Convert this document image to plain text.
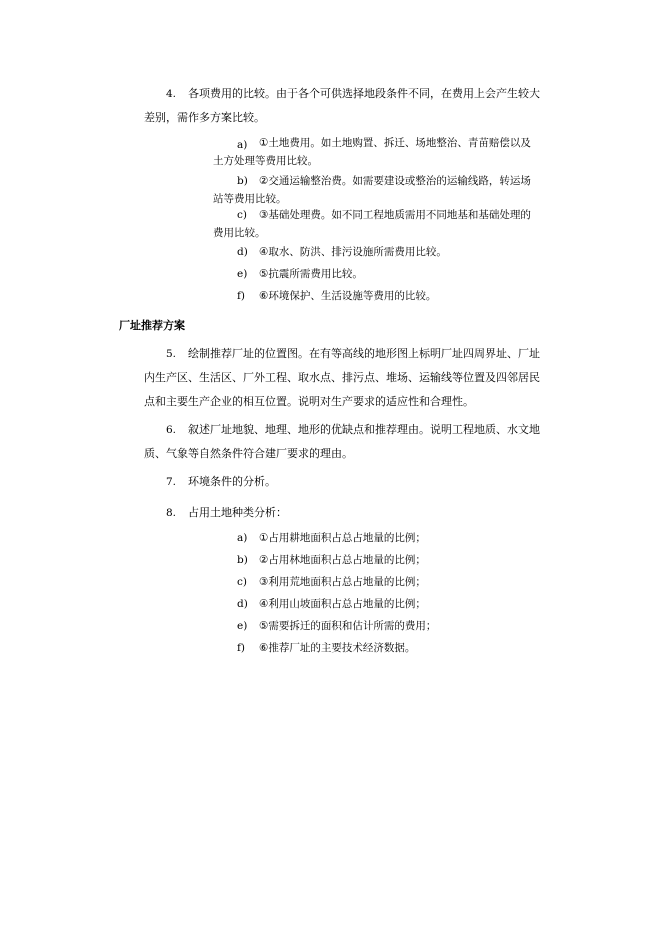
4. 各项费用的比较。由于各个可供选择地段条件不同，在费用上会产生较大
差别，需作多方案比较。
a)	①土地费用。如土地购置、拆迁、场地整治、青苗赔偿以及
土方处理等费用比较。
b)	②交通运输整治费。如需要建设或整治的运输线路，转运场
站等费用比较。
c)	③基础处理费。如不同工程地质需用不同地基和基础处理的
费用比较。
d)	④取水、防洪、排污设施所需费用比较。
e)	⑤抗震所需费用比较。
f)	⑥环境保护、生活设施等费用的比较。
厂址推荐方案
5. 绘制推荐厂址的位置图。在有等高线的地形图上标明厂址四周界址、厂址
内生产区、生活区、厂外工程、取水点、排污点、堆场、运输线等位置及四邻居民
点和主要生产企业的相互位置。说明对生产要求的适应性和合理性。
6. 叙述厂址地貌、地理、地形的优缺点和推荐理由。说明工程地质、水文地
质、气象等自然条件符合建厂要求的理由。
7. 环境条件的分析。
8. 占用土地种类分析：
a)	①占用耕地面积占总占地量的比例；
b)	②占用林地面积占总占地量的比例；
c)	③利用荒地面积占总占地量的比例；
d)	④利用山坡面积占总占地量的比例；
e)	⑤需要拆迁的面积和估计所需的费用；
f)	⑥推荐厂址的主要技术经济数据。
